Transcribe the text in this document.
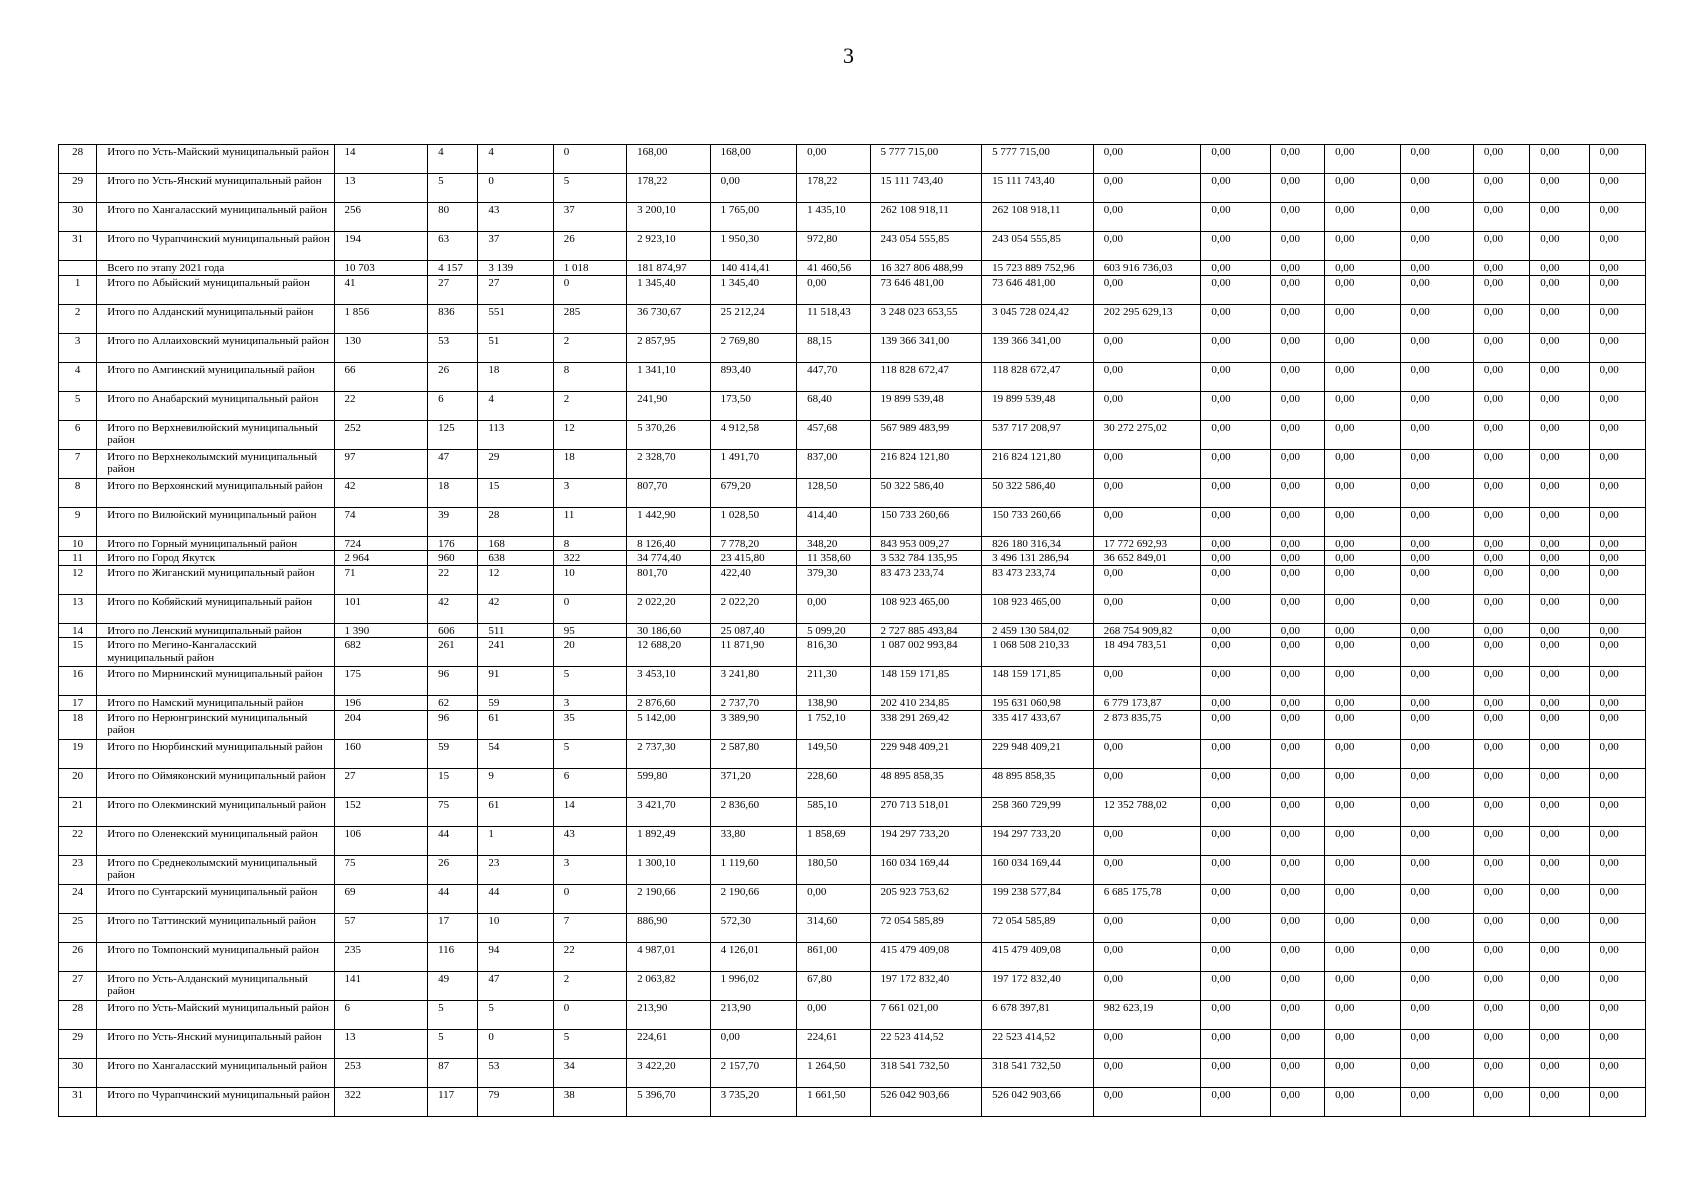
3
28	Итого по Усть-Майский муниципальный район	14	4	4	0	168,00	168,00	0,00	5 777 715,00	5 777 715,00	0,00	0,00	0,00	0,00	0,00	0,00	0,00	0,00
29	Итого по Усть-Янский муниципальный район	13	5	0	5	178,22	0,00	178,22	15 111 743,40	15 111 743,40	0,00	0,00	0,00	0,00	0,00	0,00	0,00	0,00
30	Итого по Хангаласский муниципальный район	256	80	43	37	3 200,10	1 765,00	1 435,10	262 108 918,11	262 108 918,11	0,00	0,00	0,00	0,00	0,00	0,00	0,00	0,00
31	Итого по Чурапчинский муниципальный район	194	63	37	26	2 923,10	1 950,30	972,80	243 054 555,85	243 054 555,85	0,00	0,00	0,00	0,00	0,00	0,00	0,00	0,00
	Всего по этапу 2021 года	10 703	4 157	3 139	1 018	181 874,97	140 414,41	41 460,56	16 327 806 488,99	15 723 889 752,96	603 916 736,03	0,00	0,00	0,00	0,00	0,00	0,00	0,00
1	Итого по Абыйский муниципальный район	41	27	27	0	1 345,40	1 345,40	0,00	73 646 481,00	73 646 481,00	0,00	0,00	0,00	0,00	0,00	0,00	0,00	0,00
2	Итого по Алданский муниципальный район	1 856	836	551	285	36 730,67	25 212,24	11 518,43	3 248 023 653,55	3 045 728 024,42	202 295 629,13	0,00	0,00	0,00	0,00	0,00	0,00	0,00
3	Итого по Аллаиховский муниципальный район	130	53	51	2	2 857,95	2 769,80	88,15	139 366 341,00	139 366 341,00	0,00	0,00	0,00	0,00	0,00	0,00	0,00	0,00
4	Итого по Амгинский муниципальный район	66	26	18	8	1 341,10	893,40	447,70	118 828 672,47	118 828 672,47	0,00	0,00	0,00	0,00	0,00	0,00	0,00	0,00
5	Итого по Анабарский муниципальный район	22	6	4	2	241,90	173,50	68,40	19 899 539,48	19 899 539,48	0,00	0,00	0,00	0,00	0,00	0,00	0,00	0,00
6	Итого по Верхневилюйский муниципальный район	252	125	113	12	5 370,26	4 912,58	457,68	567 989 483,99	537 717 208,97	30 272 275,02	0,00	0,00	0,00	0,00	0,00	0,00	0,00
7	Итого по Верхнеколымский муниципальный район	97	47	29	18	2 328,70	1 491,70	837,00	216 824 121,80	216 824 121,80	0,00	0,00	0,00	0,00	0,00	0,00	0,00	0,00
8	Итого по Верхоянский муниципальный район	42	18	15	3	807,70	679,20	128,50	50 322 586,40	50 322 586,40	0,00	0,00	0,00	0,00	0,00	0,00	0,00	0,00
9	Итого по Вилюйский муниципальный район	74	39	28	11	1 442,90	1 028,50	414,40	150 733 260,66	150 733 260,66	0,00	0,00	0,00	0,00	0,00	0,00	0,00	0,00
10	Итого по Горный муниципальный район	724	176	168	8	8 126,40	7 778,20	348,20	843 953 009,27	826 180 316,34	17 772 692,93	0,00	0,00	0,00	0,00	0,00	0,00	0,00
11	Итого по Город Якутск	2 964	960	638	322	34 774,40	23 415,80	11 358,60	3 532 784 135,95	3 496 131 286,94	36 652 849,01	0,00	0,00	0,00	0,00	0,00	0,00	0,00
12	Итого по Жиганский муниципальный район	71	22	12	10	801,70	422,40	379,30	83 473 233,74	83 473 233,74	0,00	0,00	0,00	0,00	0,00	0,00	0,00	0,00
13	Итого по Кобяйский муниципальный район	101	42	42	0	2 022,20	2 022,20	0,00	108 923 465,00	108 923 465,00	0,00	0,00	0,00	0,00	0,00	0,00	0,00	0,00
14	Итого по Ленский муниципальный район	1 390	606	511	95	30 186,60	25 087,40	5 099,20	2 727 885 493,84	2 459 130 584,02	268 754 909,82	0,00	0,00	0,00	0,00	0,00	0,00	0,00
15	Итого по Мегино-Кангаласский муниципальный район	682	261	241	20	12 688,20	11 871,90	816,30	1 087 002 993,84	1 068 508 210,33	18 494 783,51	0,00	0,00	0,00	0,00	0,00	0,00	0,00
16	Итого по Мирнинский муниципальный район	175	96	91	5	3 453,10	3 241,80	211,30	148 159 171,85	148 159 171,85	0,00	0,00	0,00	0,00	0,00	0,00	0,00	0,00
17	Итого по Намский муниципальный район	196	62	59	3	2 876,60	2 737,70	138,90	202 410 234,85	195 631 060,98	6 779 173,87	0,00	0,00	0,00	0,00	0,00	0,00	0,00
18	Итого по Нерюнгринский муниципальный район	204	96	61	35	5 142,00	3 389,90	1 752,10	338 291 269,42	335 417 433,67	2 873 835,75	0,00	0,00	0,00	0,00	0,00	0,00	0,00
19	Итого по Нюрбинский муниципальный район	160	59	54	5	2 737,30	2 587,80	149,50	229 948 409,21	229 948 409,21	0,00	0,00	0,00	0,00	0,00	0,00	0,00	0,00
20	Итого по Оймяконский муниципальный район	27	15	9	6	599,80	371,20	228,60	48 895 858,35	48 895 858,35	0,00	0,00	0,00	0,00	0,00	0,00	0,00	0,00
21	Итого по Олекминский муниципальный район	152	75	61	14	3 421,70	2 836,60	585,10	270 713 518,01	258 360 729,99	12 352 788,02	0,00	0,00	0,00	0,00	0,00	0,00	0,00
22	Итого по Оленекский муниципальный район	106	44	1	43	1 892,49	33,80	1 858,69	194 297 733,20	194 297 733,20	0,00	0,00	0,00	0,00	0,00	0,00	0,00	0,00
23	Итого по Среднеколымский муниципальный район	75	26	23	3	1 300,10	1 119,60	180,50	160 034 169,44	160 034 169,44	0,00	0,00	0,00	0,00	0,00	0,00	0,00	0,00
24	Итого по Сунтарский муниципальный район	69	44	44	0	2 190,66	2 190,66	0,00	205 923 753,62	199 238 577,84	6 685 175,78	0,00	0,00	0,00	0,00	0,00	0,00	0,00
25	Итого по Таттинский муниципальный район	57	17	10	7	886,90	572,30	314,60	72 054 585,89	72 054 585,89	0,00	0,00	0,00	0,00	0,00	0,00	0,00	0,00
26	Итого по Томпонский муниципальный район	235	116	94	22	4 987,01	4 126,01	861,00	415 479 409,08	415 479 409,08	0,00	0,00	0,00	0,00	0,00	0,00	0,00	0,00
27	Итого по Усть-Алданский муниципальный район	141	49	47	2	2 063,82	1 996,02	67,80	197 172 832,40	197 172 832,40	0,00	0,00	0,00	0,00	0,00	0,00	0,00	0,00
28	Итого по Усть-Майский муниципальный район	6	5	5	0	213,90	213,90	0,00	7 661 021,00	6 678 397,81	982 623,19	0,00	0,00	0,00	0,00	0,00	0,00	0,00
29	Итого по Усть-Янский муниципальный район	13	5	0	5	224,61	0,00	224,61	22 523 414,52	22 523 414,52	0,00	0,00	0,00	0,00	0,00	0,00	0,00	0,00
30	Итого по Хангаласский муниципальный район	253	87	53	34	3 422,20	2 157,70	1 264,50	318 541 732,50	318 541 732,50	0,00	0,00	0,00	0,00	0,00	0,00	0,00	0,00
31	Итого по Чурапчинский муниципальный район	322	117	79	38	5 396,70	3 735,20	1 661,50	526 042 903,66	526 042 903,66	0,00	0,00	0,00	0,00	0,00	0,00	0,00	0,00
